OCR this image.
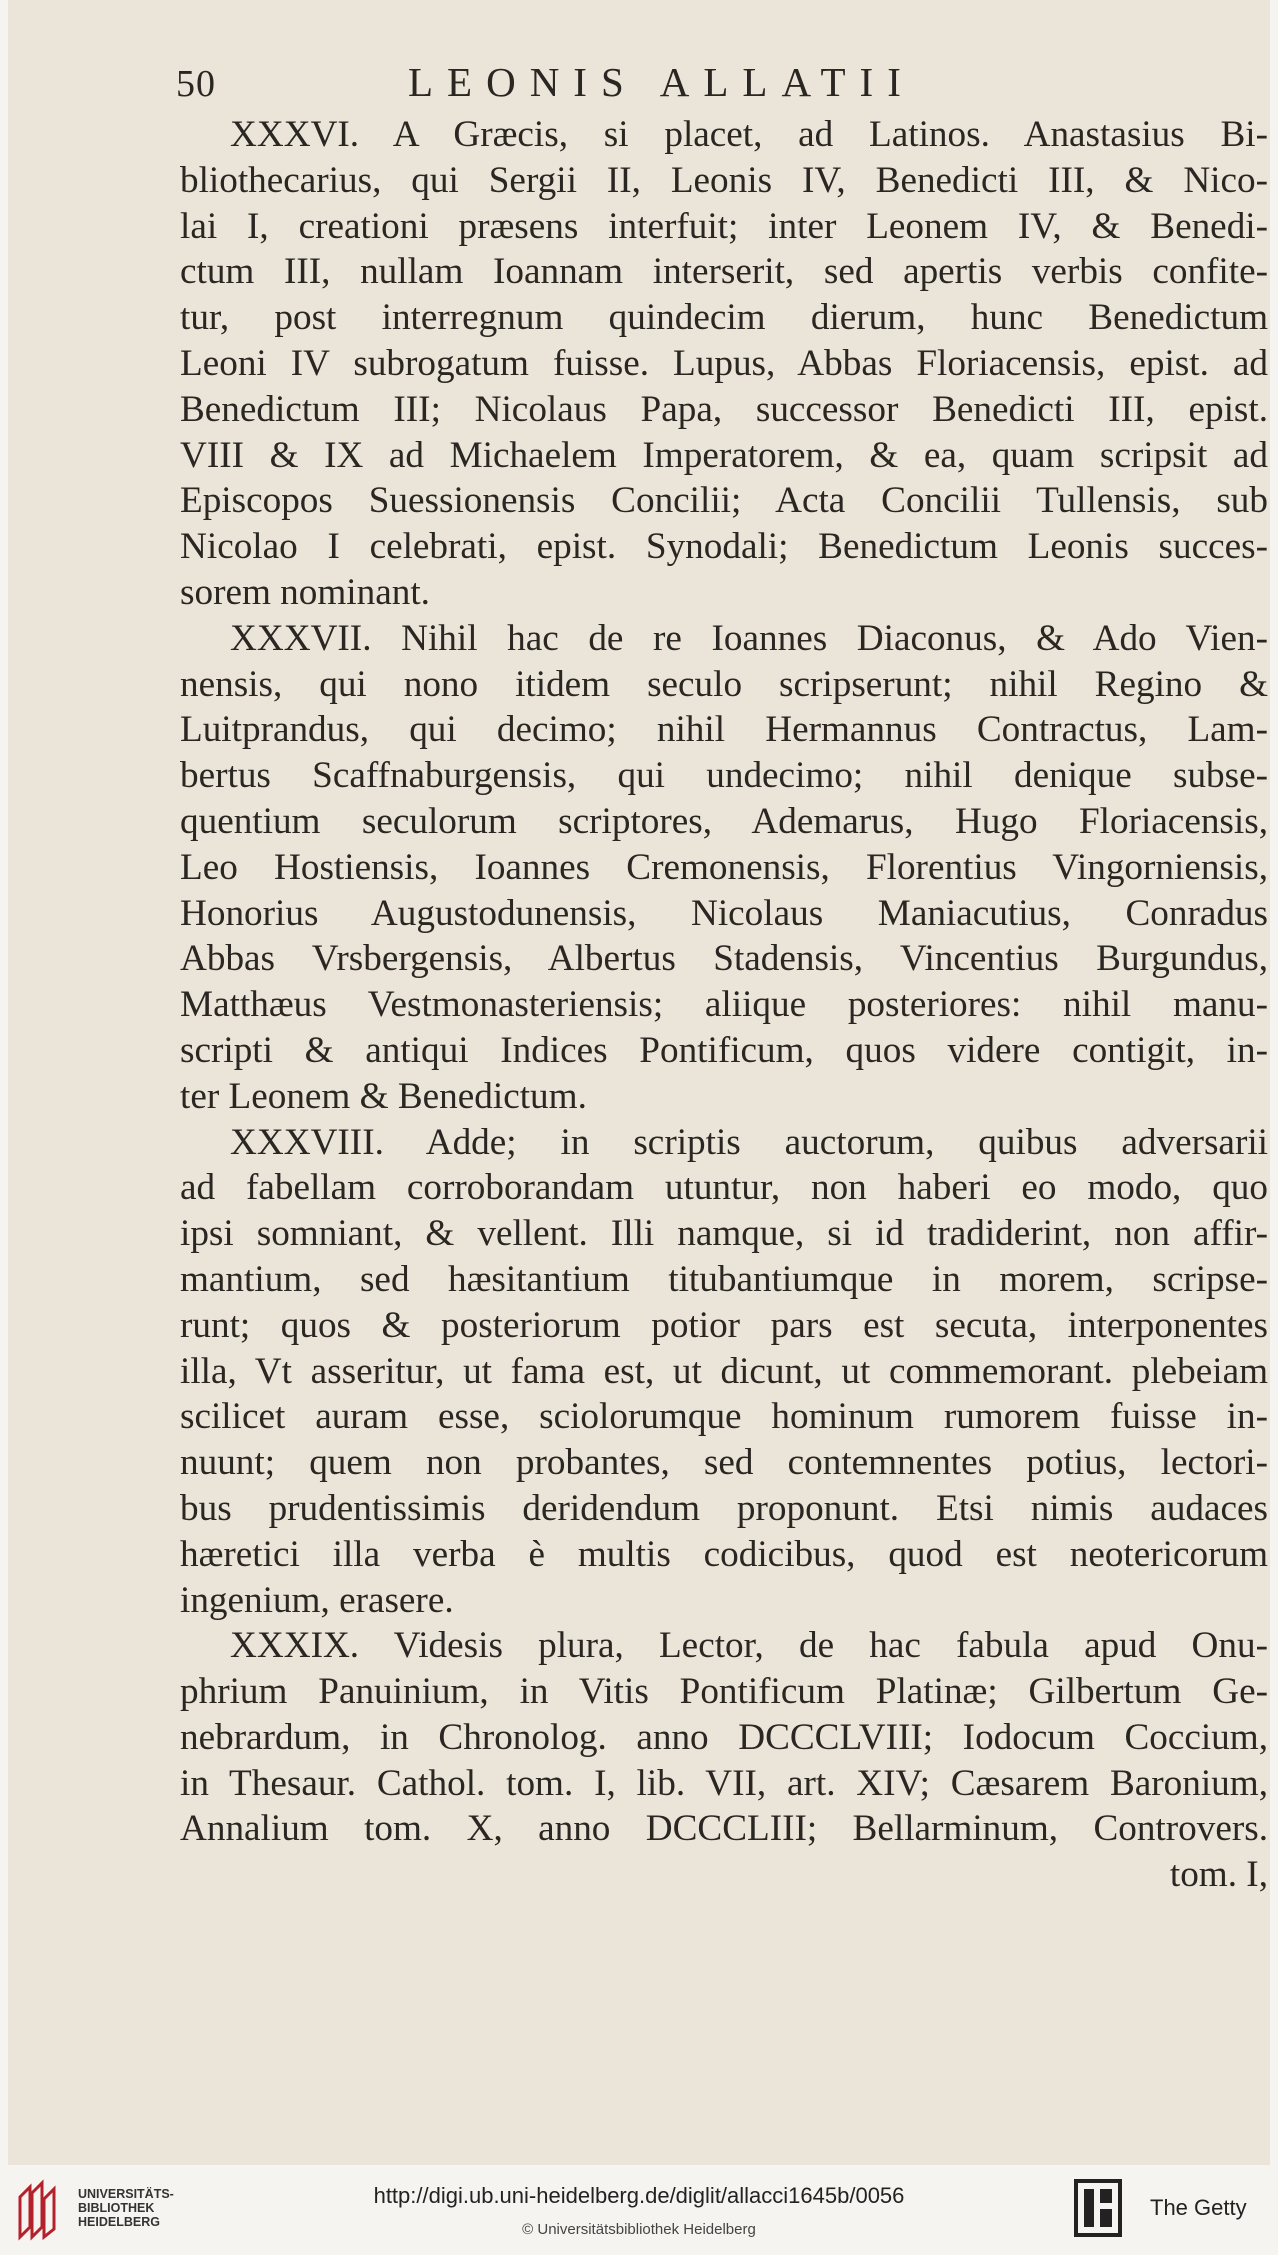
50	LEONIS ALLATII
XXXVI. A Græcis, si placet, ad Latinos. Anastasius Bi-
bliothecarius, qui Sergii II, Leonis IV, Benedicti III, & Nico-
lai I, creationi præsens interfuit; inter Leonem IV, & Benedi-
ctum III, nullam Ioannam interserit, sed apertis verbis confite-
tur, post interregnum quindecim dierum, hunc Benedictum
Leoni IV subrogatum fuisse. Lupus, Abbas Floriacensis, epist. ad
Benedictum III; Nicolaus Papa, successor Benedicti III, epist.
VIII & IX ad Michaelem Imperatorem, & ea, quam scripsit ad
Episcopos Suessionensis Concilii; Acta Concilii Tullensis, sub
Nicolao I celebrati, epist. Synodali; Benedictum Leonis succes-
sorem nominant.
XXXVII. Nihil hac de re Ioannes Diaconus, & Ado Vien-
nensis, qui nono itidem seculo scripserunt; nihil Regino &
Luitprandus, qui decimo; nihil Hermannus Contractus, Lam-
bertus Scaffnaburgensis, qui undecimo; nihil denique subse-
quentium seculorum scriptores, Ademarus, Hugo Floriacensis,
Leo Hostiensis, Ioannes Cremonensis, Florentius Vingorniensis,
Honorius Augustodunensis, Nicolaus Maniacutius, Conradus
Abbas Vrsbergensis, Albertus Stadensis, Vincentius Burgundus,
Matthæus Vestmonasteriensis; aliique posteriores: nihil manu-
scripti & antiqui Indices Pontificum, quos videre contigit, in-
ter Leonem & Benedictum.
XXXVIII. Adde; in scriptis auctorum, quibus adversarii
ad fabellam corroborandam utuntur, non haberi eo modo, quo
ipsi somniant, & vellent. Illi namque, si id tradiderint, non affir-
mantium, sed hæsitantium titubantiumque in morem, scripse-
runt; quos & posteriorum potior pars est secuta, interponentes
illa, Vt asseritur, ut fama est, ut dicunt, ut commemorant. plebeiam
scilicet auram esse, sciolorumque hominum rumorem fuisse in-
nuunt; quem non probantes, sed contemnentes potius, lectori-
bus prudentissimis deridendum proponunt. Etsi nimis audaces
hæretici illa verba è multis codicibus, quod est neotericorum
ingenium, erasere.
XXXIX. Videsis plura, Lector, de hac fabula apud Onu-
phrium Panuinium, in Vitis Pontificum Platinæ; Gilbertum Ge-
nebrardum, in Chronolog. anno DCCCLVIII; Iodocum Coccium,
in Thesaur. Cathol. tom. I, lib. VII, art. XIV; Cæsarem Baronium,
Annalium tom. X, anno DCCCLIII; Bellarminum, Controvers.
tom. I,
UNIVERSITÄTS-
BIBLIOTHEK
HEIDELBERG
http://digi.ub.uni-heidelberg.de/diglit/allacci1645b/0056
© Universitätsbibliothek Heidelberg
The Getty
